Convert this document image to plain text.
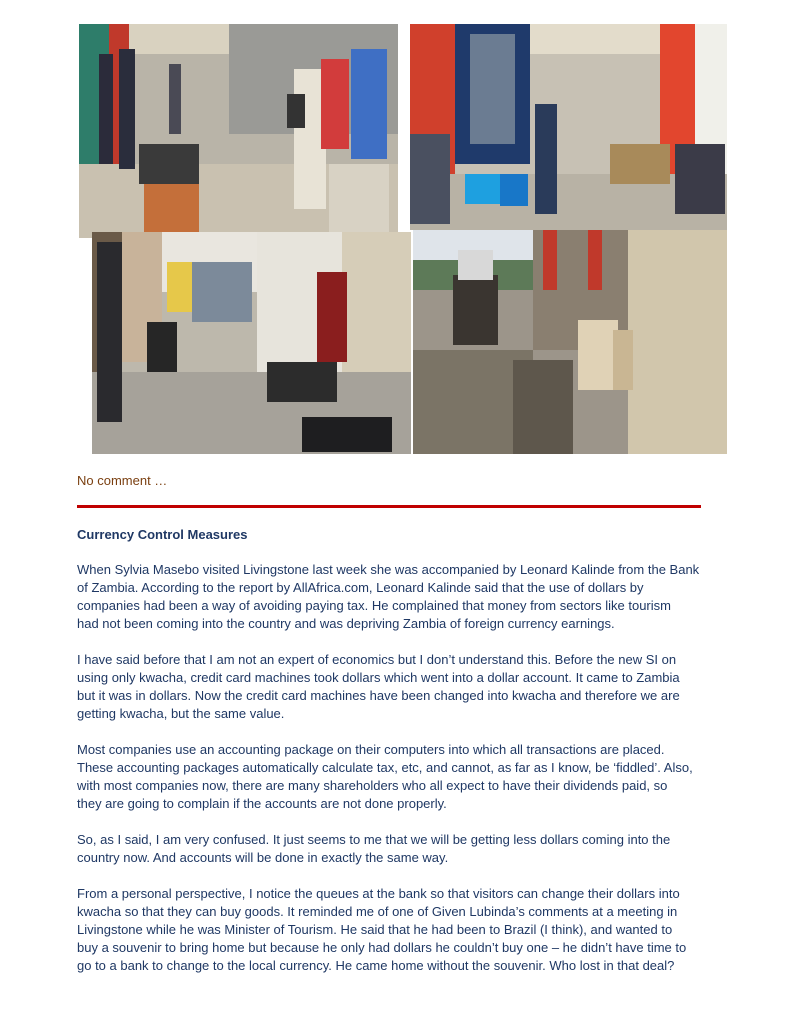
No comment …
Currency Control Measures

When Sylvia Masebo visited Livingstone last week she was accompanied by Leonard Kalinde from the Bank
of Zambia. According to the report by AllAfrica.com, Leonard Kalinde said that the use of dollars by
companies had been a way of avoiding paying tax. He complained that money from sectors like tourism
had not been coming into the country and was depriving Zambia of foreign currency earnings.

I have said before that I am not an expert of economics but I don’t understand this. Before the new SI on
using only kwacha, credit card machines took dollars which went into a dollar account. It came to Zambia
but it was in dollars. Now the credit card machines have been changed into kwacha and therefore we are
getting kwacha, but the same value.

Most companies use an accounting package on their computers into which all transactions are placed.
These accounting packages automatically calculate tax, etc, and cannot, as far as I know, be ‘fiddled’. Also,
with most companies now, there are many shareholders who all expect to have their dividends paid, so
they are going to complain if the accounts are not done properly.

So, as I said, I am very confused. It just seems to me that we will be getting less dollars coming into the
country now. And accounts will be done in exactly the same way.

From a personal perspective, I notice the queues at the bank so that visitors can change their dollars into
kwacha so that they can buy goods. It reminded me of one of Given Lubinda’s comments at a meeting in
Livingstone while he was Minister of Tourism. He said that he had been to Brazil (I think), and wanted to
buy a souvenir to bring home but because he only had dollars he couldn’t buy one – he didn’t have time to
go to a bank to change to the local currency. He came home without the souvenir. Who lost in that deal?
